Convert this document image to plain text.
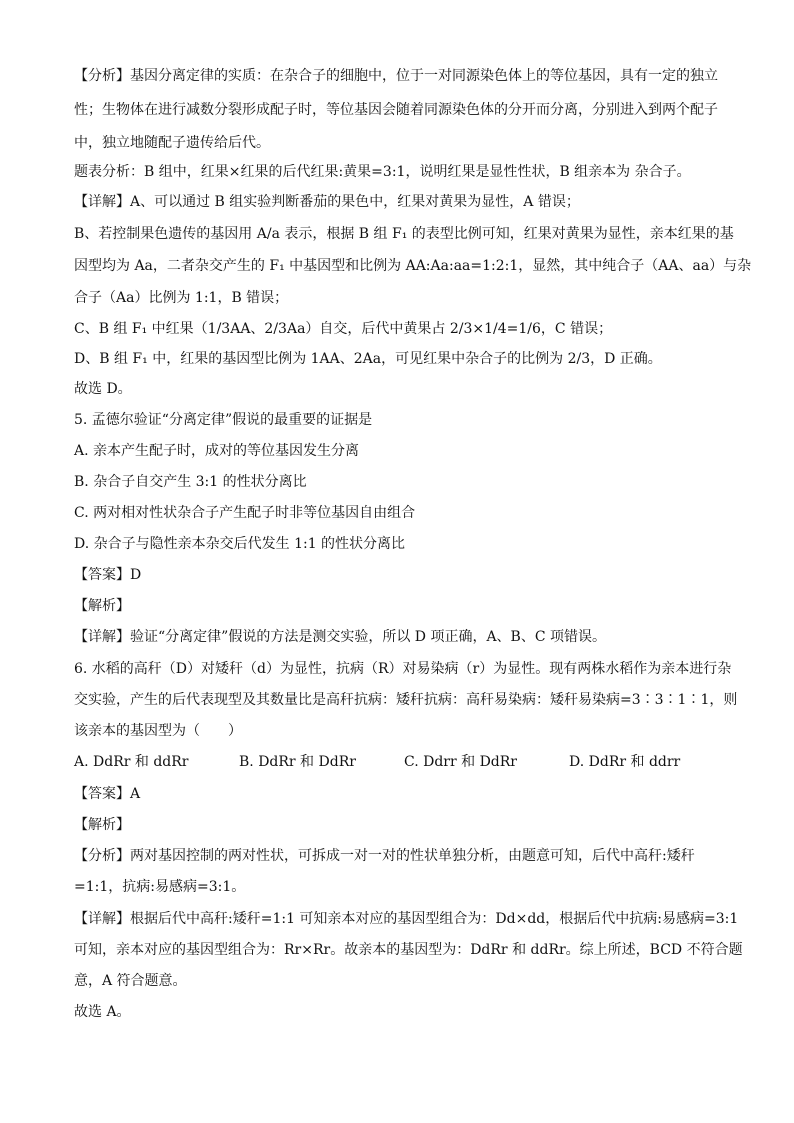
【分析】基因分离定律的实质：在杂合子的细胞中，位于一对同源染色体上的等位基因，具有一定的独立
性；生物体在进行减数分裂形成配子时，等位基因会随着同源染色体的分开而分离，分别进入到两个配子
中，独立地随配子遗传给后代。
题表分析：B 组中，红果×红果的后代红果:黄果=3:1，说明红果是显性性状，B 组亲本为 杂合子。
【详解】A、可以通过 B 组实验判断番茄的果色中，红果对黄果为显性，A 错误；
B、若控制果色遗传的基因用 A/a 表示，根据 B 组 F₁ 的表型比例可知，红果对黄果为显性，亲本红果的基
因型均为 Aa，二者杂交产生的 F₁ 中基因型和比例为 AA:Aa:aa=1:2:1，显然，其中纯合子（AA、aa）与杂
合子（Aa）比例为 1:1，B 错误；
C、B 组 F₁ 中红果（1/3AA、2/3Aa）自交，后代中黄果占 2/3×1/4=1/6，C 错误；
D、B 组 F₁ 中，红果的基因型比例为 1AA、2Aa，可见红果中杂合子的比例为 2/3，D 正确。
故选 D。
5. 孟德尔验证“分离定律”假说的最重要的证据是
A. 亲本产生配子时，成对的等位基因发生分离
B. 杂合子自交产生 3:1 的性状分离比
C. 两对相对性状杂合子产生配子时非等位基因自由组合
D. 杂合子与隐性亲本杂交后代发生 1:1 的性状分离比
【答案】D
【解析】
【详解】验证“分离定律”假说的方法是测交实验，所以 D 项正确，A、B、C 项错误。
6. 水稻的高秆（D）对矮秆（d）为显性，抗病（R）对易染病（r）为显性。现有两株水稻作为亲本进行杂
交实验，产生的后代表现型及其数量比是高秆抗病：矮秆抗病：高秆易染病：矮秆易染病=3∶3∶1∶1，则
该亲本的基因型为（　　）
A. DdRr 和 ddRr	B. DdRr 和 DdRr	C. Ddrr 和 DdRr	D. DdRr 和 ddrr
【答案】A
【解析】
【分析】两对基因控制的两对性状，可拆成一对一对的性状单独分析，由题意可知，后代中高秆:矮秆
=1:1，抗病:易感病=3:1。
【详解】根据后代中高秆:矮秆=1:1 可知亲本对应的基因型组合为：Dd×dd，根据后代中抗病:易感病=3:1
可知，亲本对应的基因型组合为：Rr×Rr。故亲本的基因型为：DdRr 和 ddRr。综上所述，BCD 不符合题
意，A 符合题意。
故选 A。
